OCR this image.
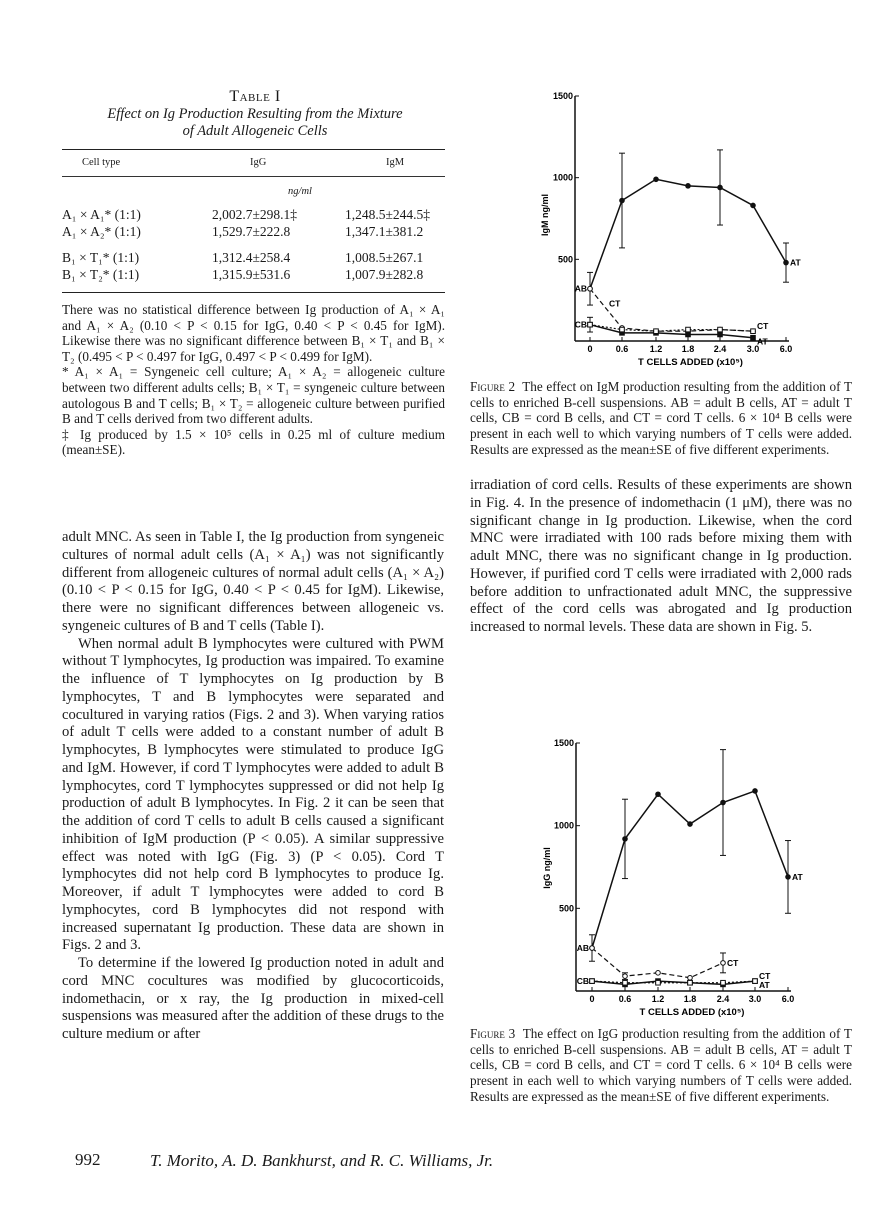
Table I
Effect on Ig Production Resulting from the Mixture
of Adult Allogeneic Cells
Cell type	IgG	IgM
ng/ml
A₁ × A₁* (1:1)	2,002.7±298.1‡	1,248.5±244.5‡
A₁ × A₂* (1:1)	1,529.7±222.8	1,347.1±381.2
B₁ × T₁* (1:1)	1,312.4±258.4	1,008.5±267.1
B₁ × T₂* (1:1)	1,315.9±531.6	1,007.9±282.8

There was no statistical difference between Ig production of A₁ × A₁ and A₁ × A₂ (0.10 < P < 0.15 for IgG, 0.40 < P < 0.45 for IgM). Likewise there was no significant difference between B₁ × T₁ and B₁ × T₂ (0.495 < P < 0.497 for IgG, 0.497 < P < 0.499 for IgM).

* A₁ × A₁ = Syngeneic cell culture; A₁ × A₂ = allogeneic culture between two different adults cells; B₁ × T₁ = syngeneic culture between autologous B and T cells; B₁ × T₂ = allogeneic culture between purified B and T cells derived from two different adults.

‡ Ig produced by 1.5 × 10⁵ cells in 0.25 ml of culture medium (mean±SE).

adult MNC. As seen in Table I, the Ig production from syngeneic cultures of normal adult cells (A₁ × A₁) was not significantly different from allogeneic cultures of normal adult cells (A₁ × A₂) (0.10 < P < 0.15 for IgG, 0.40 < P < 0.45 for IgM). Likewise, there were no significant differences between allogeneic vs. syngeneic cultures of B and T cells (Table I).

When normal adult B lymphocytes were cultured with PWM without T lymphocytes, Ig production was impaired. To examine the influence of T lymphocytes on Ig production by B lymphocytes, T and B lymphocytes were separated and cocultured in varying ratios (Figs. 2 and 3). When varying ratios of adult T cells were added to a constant number of adult B lymphocytes, B lymphocytes were stimulated to produce IgG and IgM. However, if cord T lymphocytes were added to adult B lymphocytes, cord T lymphocytes suppressed or did not help Ig production of adult B lymphocytes. In Fig. 2 it can be seen that the addition of cord T cells to adult B cells caused a significant inhibition of IgM production (P < 0.05). A similar suppressive effect was noted with IgG (Fig. 3) (P < 0.05). Cord T lymphocytes did not help cord B lymphocytes to produce Ig. Moreover, if adult T lymphocytes were added to cord B lymphocytes, cord B lymphocytes did not respond with increased supernatant Ig production. These data are shown in Figs. 2 and 3.

To determine if the lowered Ig production noted in adult and cord MNC cocultures was modified by glucocorticoids, indomethacin, or x ray, the Ig production in mixed-cell suspensions was measured after the addition of these drugs to the culture medium or after

Figure 2 The effect on IgM production resulting from the addition of T cells to enriched B-cell suspensions. AB = adult B cells, AT = adult T cells, CB = cord B cells, and CT = cord T cells. 6 × 10⁴ B cells were present in each well to which varying numbers of T cells were added. Results are expressed as the mean±SE of five different experiments.

irradiation of cord cells. Results of these experiments are shown in Fig. 4. In the presence of indomethacin (1 μM), there was no significant change in Ig production. Likewise, when the cord MNC were irradiated with 100 rads before mixing them with adult MNC, there was no significant change in Ig production. However, if purified cord T cells were irradiated with 2,000 rads before addition to unfractionated adult MNC, the suppressive effect of the cord cells was abrogated and Ig production increased to normal levels. These data are shown in Fig. 5.

Figure 3 The effect on IgG production resulting from the addition of T cells to enriched B-cell suspensions. AB = adult B cells, AT = adult T cells, CB = cord B cells, and CT = cord T cells. 6 × 10⁴ B cells were present in each well to which varying numbers of T cells were added. Results are expressed as the mean±SE of five different experiments.
992	T. Morito, A. D. Bankhurst, and R. C. Williams, Jr.
500
1000
1500
0	0.6 1.2 1.8 2.4 3.0 6.0
T CELLS ADDED (x10⁵)
IgM ng/ml
AT
CT
AT
CT
AB
CB
500
1000
1500
0	0.6 1.2 1.8 2.4 3.0 6.0
T CELLS ADDED (x10⁵)
IgG ng/ml	AT
CT
AT
CT
AB
CB
